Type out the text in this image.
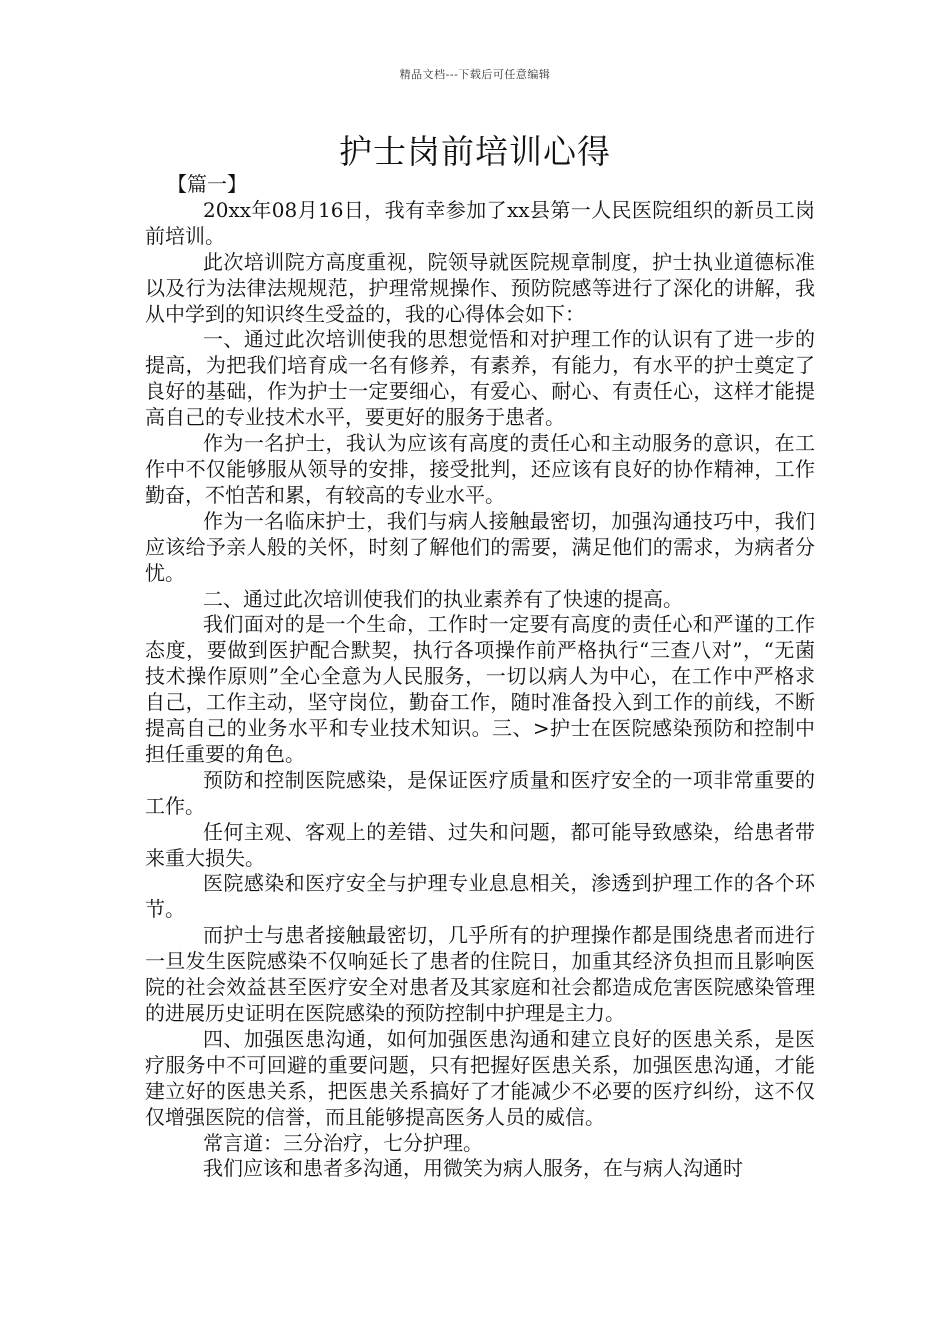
精品文档---下载后可任意编辑
护士岗前培训心得

【篇一】

20xx年08月16日，我有幸参加了xx县第一人民医院组织的新员工岗前培训。

此次培训院方高度重视，院领导就医院规章制度，护士执业道德标准以及行为法律法规规范，护理常规操作、预防院感等进行了深化的讲解，我从中学到的知识终生受益的，我的心得体会如下：

一、通过此次培训使我的思想觉悟和对护理工作的认识有了进一步的提高，为把我们培育成一名有修养，有素养，有能力，有水平的护士奠定了良好的基础，作为护士一定要细心，有爱心、耐心、有责任心，这样才能提高自己的专业技术水平，要更好的服务于患者。

作为一名护士，我认为应该有高度的责任心和主动服务的意识，在工作中不仅能够服从领导的安排，接受批判，还应该有良好的协作精神，工作勤奋，不怕苦和累，有较高的专业水平。

作为一名临床护士，我们与病人接触最密切，加强沟通技巧中，我们应该给予亲人般的关怀，时刻了解他们的需要，满足他们的需求，为病者分忧。

二、通过此次培训使我们的执业素养有了快速的提高。

我们面对的是一个生命，工作时一定要有高度的责任心和严谨的工作态度，要做到医护配合默契，执行各项操作前严格执行“三查八对”，“无菌技术操作原则”全心全意为人民服务，一切以病人为中心，在工作中严格求自己，工作主动，坚守岗位，勤奋工作，随时准备投入到工作的前线，不断提高自己的业务水平和专业技术知识。三、>护士在医院感染预防和控制中担任重要的角色。

预防和控制医院感染，是保证医疗质量和医疗安全的一项非常重要的工作。

任何主观、客观上的差错、过失和问题，都可能导致感染，给患者带来重大损失。

医院感染和医疗安全与护理专业息息相关，渗透到护理工作的各个环节。

而护士与患者接触最密切，几乎所有的护理操作都是围绕患者而进行一旦发生医院感染不仅响延长了患者的住院日，加重其经济负担而且影响医院的社会效益甚至医疗安全对患者及其家庭和社会都造成危害医院感染管理的进展历史证明在医院感染的预防控制中护理是主力。

四、加强医患沟通，如何加强医患沟通和建立良好的医患关系，是医疗服务中不可回避的重要问题，只有把握好医患关系，加强医患沟通，才能建立好的医患关系，把医患关系搞好了才能减少不必要的医疗纠纷，这不仅仅增强医院的信誉，而且能够提高医务人员的威信。

常言道：三分治疗，七分护理。

我们应该和患者多沟通，用微笑为病人服务，在与病人沟通时
